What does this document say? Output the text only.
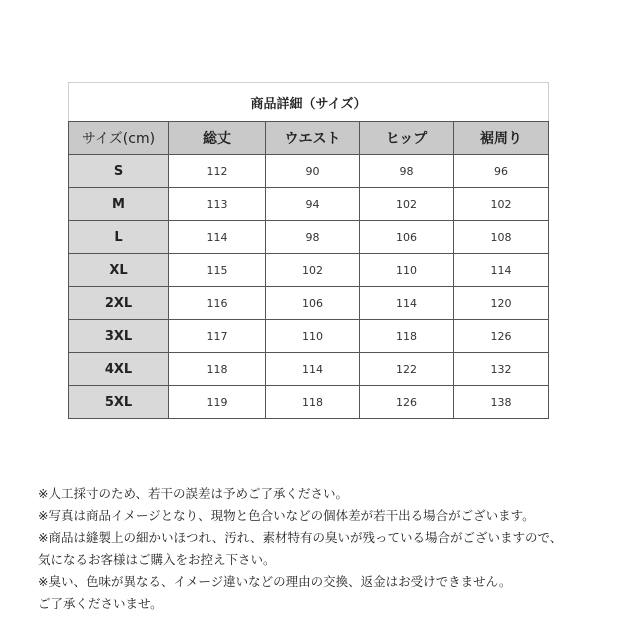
商品詳細（サイズ）				
サイズ(cm)	総丈	ウエスト	ヒップ	裾周り
S	112	90	98	96
M	113	94	102	102
L	114	98	106	108
XL	115	102	110	114
2XL	116	106	114	120
3XL	117	110	118	126
4XL	118	114	122	132
5XL	119	118	126	138

※人工採寸のため、若干の誤差は予めご了承ください。

※写真は商品イメージとなり、現物と色合いなどの個体差が若干出る場合がございます。

※商品は縫製上の細かいほつれ、汚れ、素材特有の臭いが残っている場合がございますので、

気になるお客様はご購入をお控え下さい。

※臭い、色味が異なる、イメージ違いなどの理由の交換、返金はお受けできません。

ご了承くださいませ。
